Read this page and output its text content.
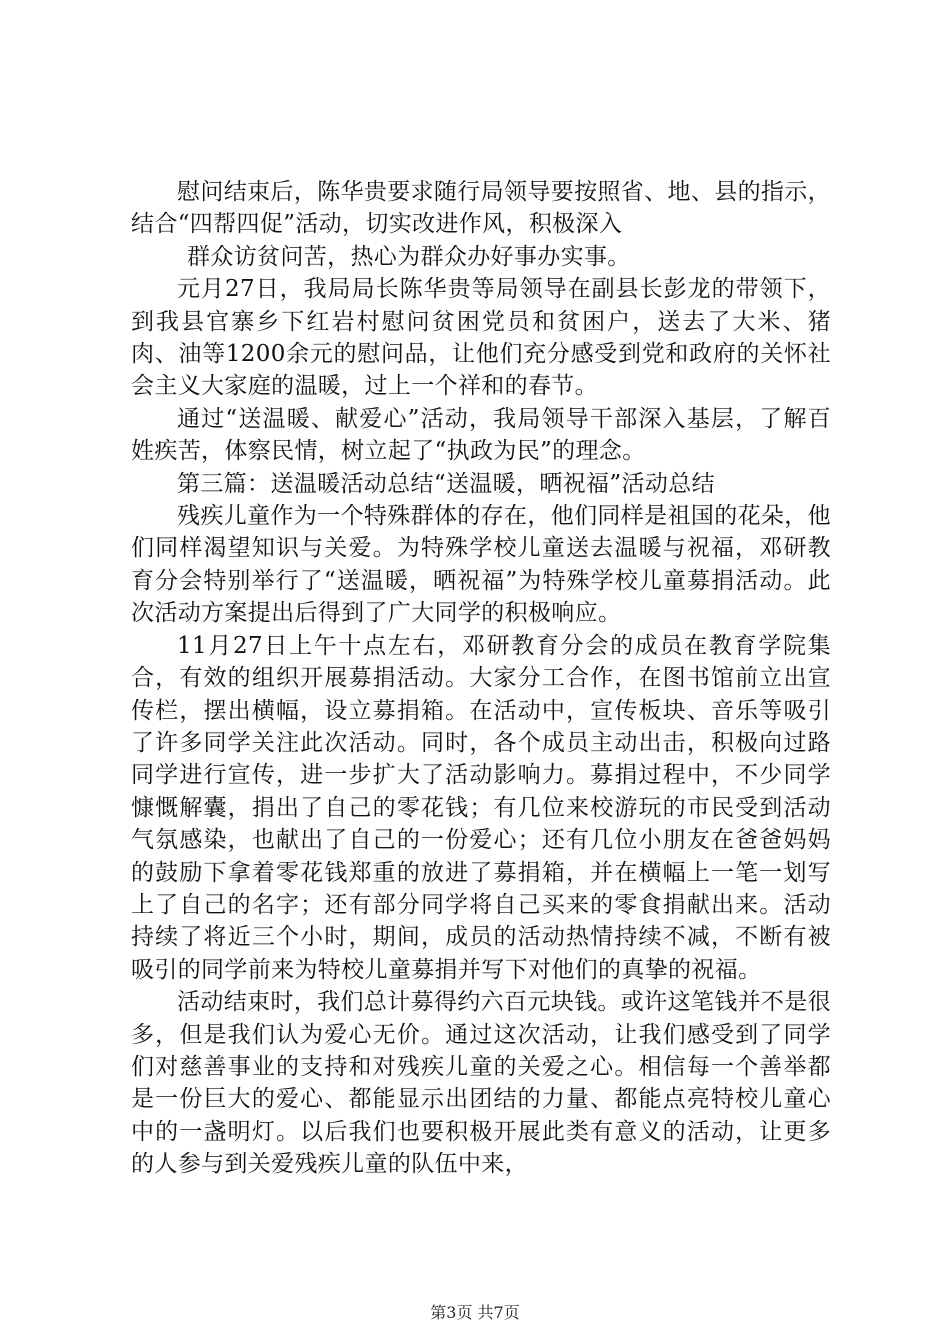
慰问结束后，陈华贵要求随行局领导要按照省、地、县的指示，结合“四帮四促”活动，切实改进作风，积极深入

群众访贫问苦，热心为群众办好事办实事。

元月27日，我局局长陈华贵等局领导在副县长彭龙的带领下，到我县官寨乡下红岩村慰问贫困党员和贫困户，送去了大米、猪肉、油等1200余元的慰问品，让他们充分感受到党和政府的关怀社会主义大家庭的温暖，过上一个祥和的春节。

通过“送温暖、献爱心”活动，我局领导干部深入基层，了解百姓疾苦，体察民情，树立起了“执政为民”的理念。

第三篇：送温暖活动总结“送温暖，晒祝福”活动总结

残疾儿童作为一个特殊群体的存在，他们同样是祖国的花朵，他们同样渴望知识与关爱。为特殊学校儿童送去温暖与祝福，邓研教育分会特别举行了“送温暖，晒祝福”为特殊学校儿童募捐活动。此次活动方案提出后得到了广大同学的积极响应。

11月27日上午十点左右，邓研教育分会的成员在教育学院集合，有效的组织开展募捐活动。大家分工合作，在图书馆前立出宣传栏，摆出横幅，设立募捐箱。在活动中，宣传板块、音乐等吸引了许多同学关注此次活动。同时，各个成员主动出击，积极向过路同学进行宣传，进一步扩大了活动影响力。募捐过程中，不少同学慷慨解囊，捐出了自己的零花钱；有几位来校游玩的市民受到活动气氛感染，也献出了自己的一份爱心；还有几位小朋友在爸爸妈妈的鼓励下拿着零花钱郑重的放进了募捐箱，并在横幅上一笔一划写上了自己的名字；还有部分同学将自己买来的零食捐献出来。活动持续了将近三个小时，期间，成员的活动热情持续不减，不断有被吸引的同学前来为特校儿童募捐并写下对他们的真挚的祝福。

活动结束时，我们总计募得约六百元块钱。或许这笔钱并不是很多，但是我们认为爱心无价。通过这次活动，让我们感受到了同学们对慈善事业的支持和对残疾儿童的关爱之心。相信每一个善举都是一份巨大的爱心、都能显示出团结的力量、都能点亮特校儿童心中的一盏明灯。以后我们也要积极开展此类有意义的活动，让更多的人参与到关爱残疾儿童的队伍中来，

第3页 共7页
